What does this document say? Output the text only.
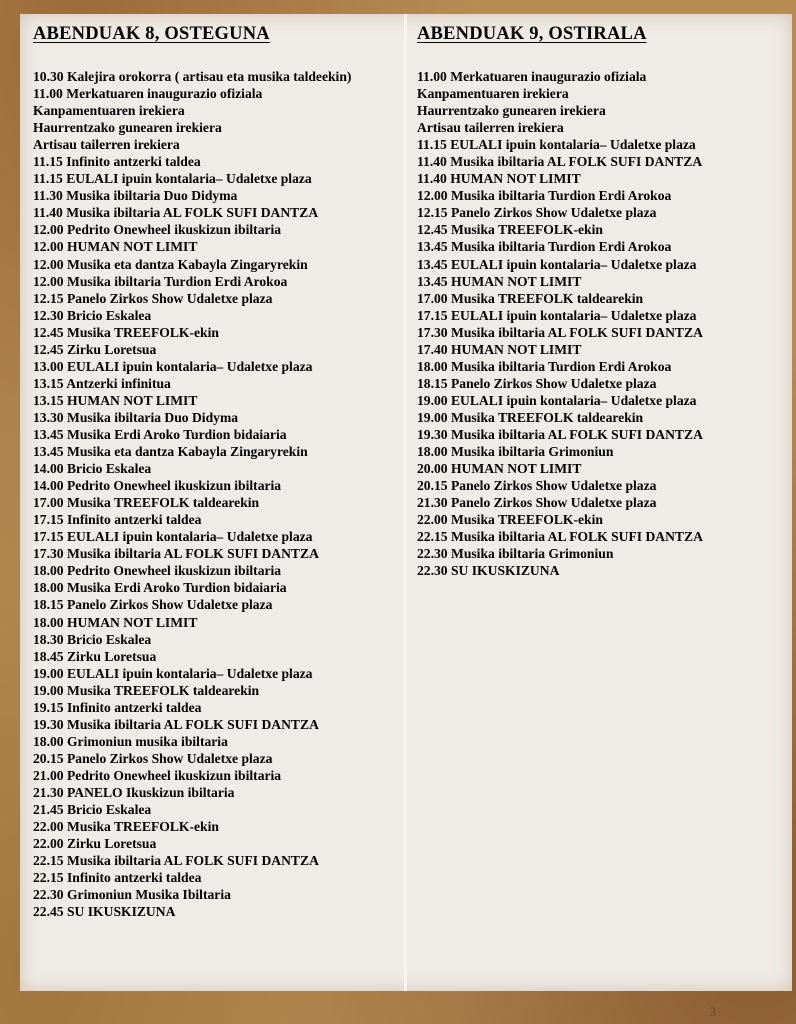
ABENDUAK 8, OSTEGUNA
10.30 Kalejira orokorra ( artisau eta musika taldeekin)
11.00 Merkatuaren inaugurazio ofiziala
Kanpamentuaren irekiera
Haurrentzako gunearen irekiera
Artisau tailerren irekiera
11.15 Infinito antzerki taldea
11.15 EULALI ipuin kontalaria– Udaletxe plaza
11.30 Musika ibiltaria Duo Didyma
11.40 Musika ibiltaria AL FOLK SUFI DANTZA
12.00 Pedrito Onewheel ikuskizun ibiltaria
12.00 HUMAN NOT LIMIT
12.00 Musika eta dantza Kabayla Zingaryrekin
12.00 Musika ibiltaria Turdion Erdi Arokoa
12.15 Panelo Zirkos Show Udaletxe plaza
12.30 Bricio Eskalea
12.45 Musika TREEFOLK-ekin
12.45 Zirku Loretsua
13.00 EULALI ipuin kontalaria– Udaletxe plaza
13.15 Antzerki infinitua
13.15 HUMAN NOT LIMIT
13.30 Musika ibiltaria Duo Didyma
13.45 Musika Erdi Aroko Turdion bidaiaria
13.45 Musika eta dantza Kabayla Zingaryrekin
14.00 Bricio Eskalea
14.00 Pedrito Onewheel ikuskizun ibiltaria
17.00 Musika TREEFOLK taldearekin
17.15 Infinito antzerki taldea
17.15 EULALI ipuin kontalaria– Udaletxe plaza
17.30 Musika ibiltaria AL FOLK SUFI DANTZA
18.00 Pedrito Onewheel ikuskizun ibiltaria
18.00 Musika Erdi Aroko Turdion bidaiaria
18.15 Panelo Zirkos Show Udaletxe plaza
18.00 HUMAN NOT LIMIT
18.30 Bricio Eskalea
18.45 Zirku Loretsua
19.00 EULALI ipuin kontalaria– Udaletxe plaza
19.00 Musika TREEFOLK taldearekin
19.15 Infinito antzerki taldea
19.30 Musika ibiltaria AL FOLK SUFI DANTZA
18.00 Grimoniun musika ibiltaria
20.15 Panelo Zirkos Show Udaletxe plaza
21.00 Pedrito Onewheel ikuskizun ibiltaria
21.30 PANELO Ikuskizun ibiltaria
21.45 Bricio Eskalea
22.00 Musika TREEFOLK-ekin
22.00 Zirku Loretsua
22.15 Musika ibiltaria AL FOLK SUFI DANTZA
22.15 Infinito antzerki taldea
22.30 Grimoniun Musika Ibiltaria
22.45 SU IKUSKIZUNA
ABENDUAK 9, OSTIRALA
11.00 Merkatuaren inaugurazio ofiziala
Kanpamentuaren irekiera
Haurrentzako gunearen irekiera
Artisau tailerren irekiera
11.15 EULALI ipuin kontalaria– Udaletxe plaza
11.40 Musika ibiltaria AL FOLK SUFI DANTZA
11.40 HUMAN NOT LIMIT
12.00 Musika ibiltaria Turdion Erdi Arokoa
12.15 Panelo Zirkos Show Udaletxe plaza
12.45 Musika TREEFOLK-ekin
13.45 Musika ibiltaria Turdion Erdi Arokoa
13.45 EULALI ipuin kontalaria– Udaletxe plaza
13.45 HUMAN NOT LIMIT
17.00 Musika TREEFOLK taldearekin
17.15 EULALI ipuin kontalaria– Udaletxe plaza
17.30 Musika ibiltaria AL FOLK SUFI DANTZA
17.40 HUMAN NOT LIMIT
18.00 Musika ibiltaria Turdion Erdi Arokoa
18.15 Panelo Zirkos Show Udaletxe plaza
19.00 EULALI ipuin kontalaria– Udaletxe plaza
19.00 Musika TREEFOLK taldearekin
19.30 Musika ibiltaria AL FOLK SUFI DANTZA
18.00 Musika ibiltaria Grimoniun
20.00 HUMAN NOT LIMIT
20.15 Panelo Zirkos Show Udaletxe plaza
21.30 Panelo Zirkos Show Udaletxe plaza
22.00 Musika TREEFOLK-ekin
22.15 Musika ibiltaria AL FOLK SUFI DANTZA
22.30 Musika ibiltaria Grimoniun
22.30 SU IKUSKIZUNA
3
